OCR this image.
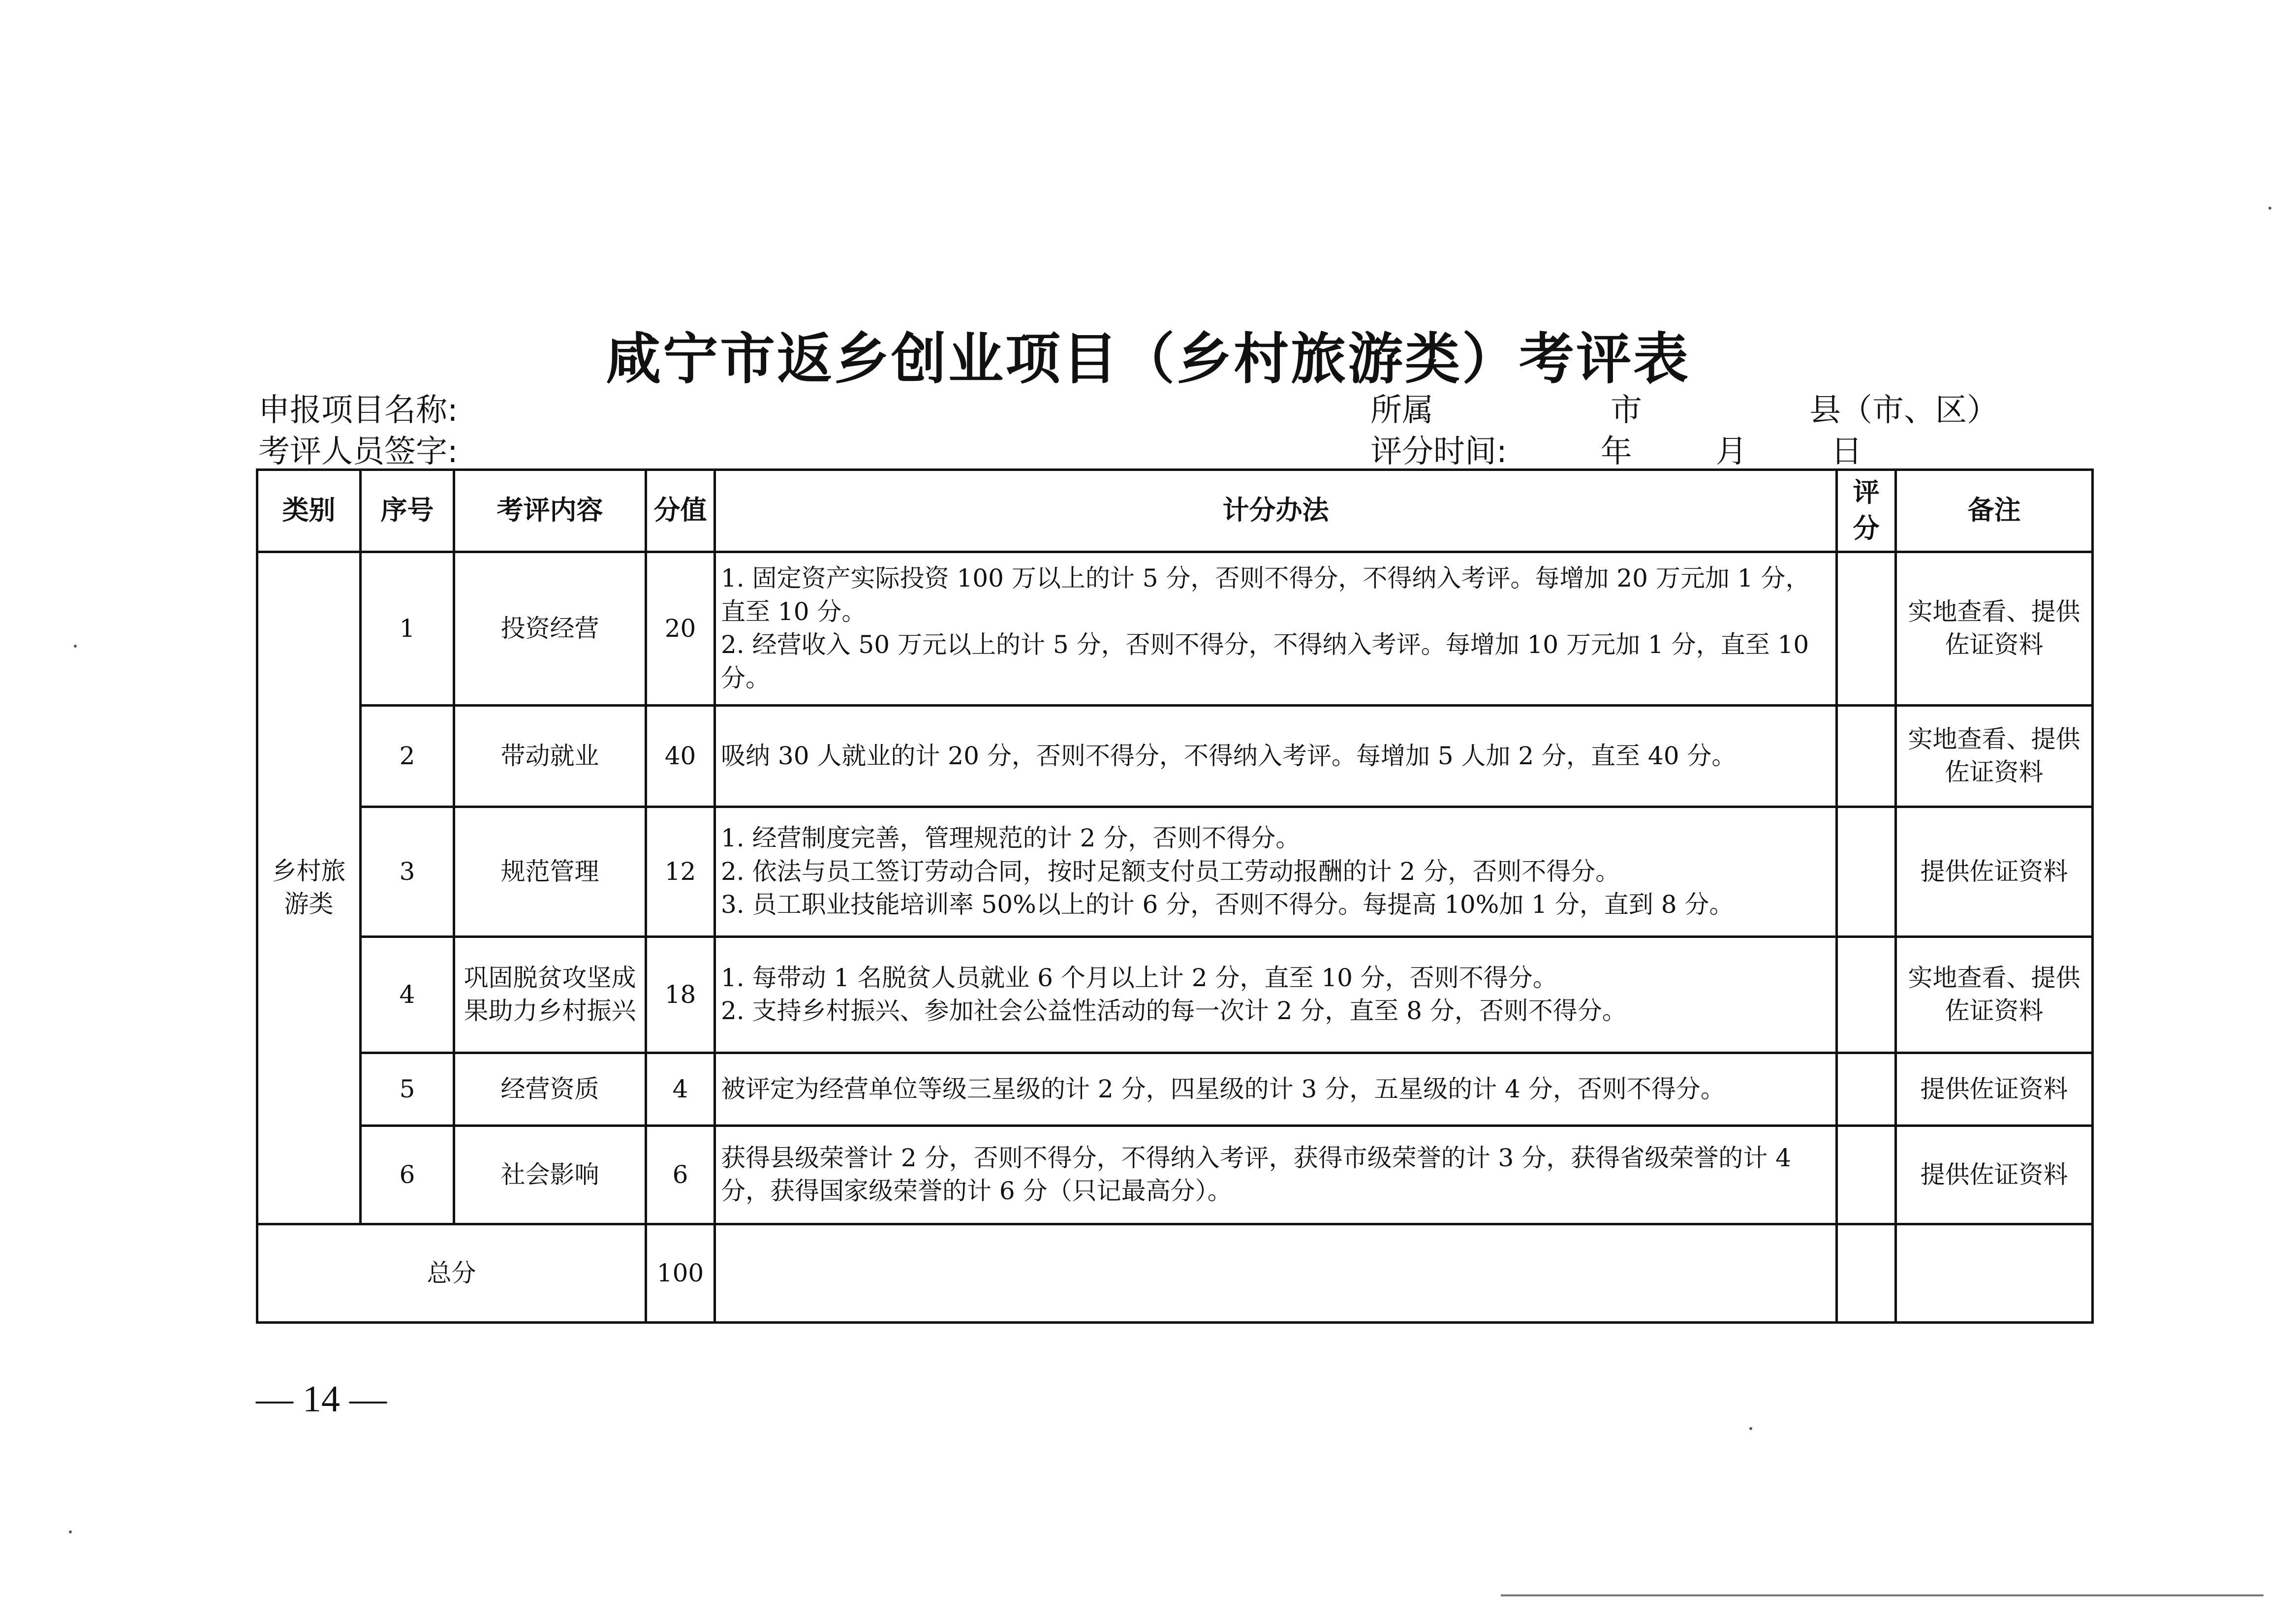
咸宁市返乡创业项目（乡村旅游类）考评表
申报项目名称:
考评人员签字:
所属	市	县（市、区）
评分时间:	年	月	日
类别	序号	考评内容	分值	计分办法	评分	备注
乡村旅游类	1	投资经营	20	1. 固定资产实际投资 100 万以上的计 5 分，否则不得分，不得纳入考评。每增加 20 万元加 1 分，直至 10 分。
2. 经营收入 50 万元以上的计 5 分，否则不得分，不得纳入考评。每增加 10 万元加 1 分，直至 10 分。		实地查看、提供佐证资料
	2	带动就业	40	吸纳 30 人就业的计 20 分，否则不得分，不得纳入考评。每增加 5 人加 2 分，直至 40 分。		实地查看、提供佐证资料
	3	规范管理	12	1. 经营制度完善，管理规范的计 2 分，否则不得分。
2. 依法与员工签订劳动合同，按时足额支付员工劳动报酬的计 2 分，否则不得分。
3. 员工职业技能培训率 50%以上的计 6 分，否则不得分。每提高 10%加 1 分，直到 8 分。		提供佐证资料
	4	巩固脱贫攻坚成果助力乡村振兴	18	1. 每带动 1 名脱贫人员就业 6 个月以上计 2 分，直至 10 分，否则不得分。
2. 支持乡村振兴、参加社会公益性活动的每一次计 2 分，直至 8 分，否则不得分。		实地查看、提供佐证资料
	5	经营资质	4	被评定为经营单位等级三星级的计 2 分，四星级的计 3 分，五星级的计 4 分，否则不得分。		提供佐证资料
	6	社会影响	6	获得县级荣誉计 2 分，否则不得分，不得纳入考评，获得市级荣誉的计 3 分，获得省级荣誉的计 4 分，获得国家级荣誉的计 6 分（只记最高分）。		提供佐证资料
总分			100			
— 14 —
